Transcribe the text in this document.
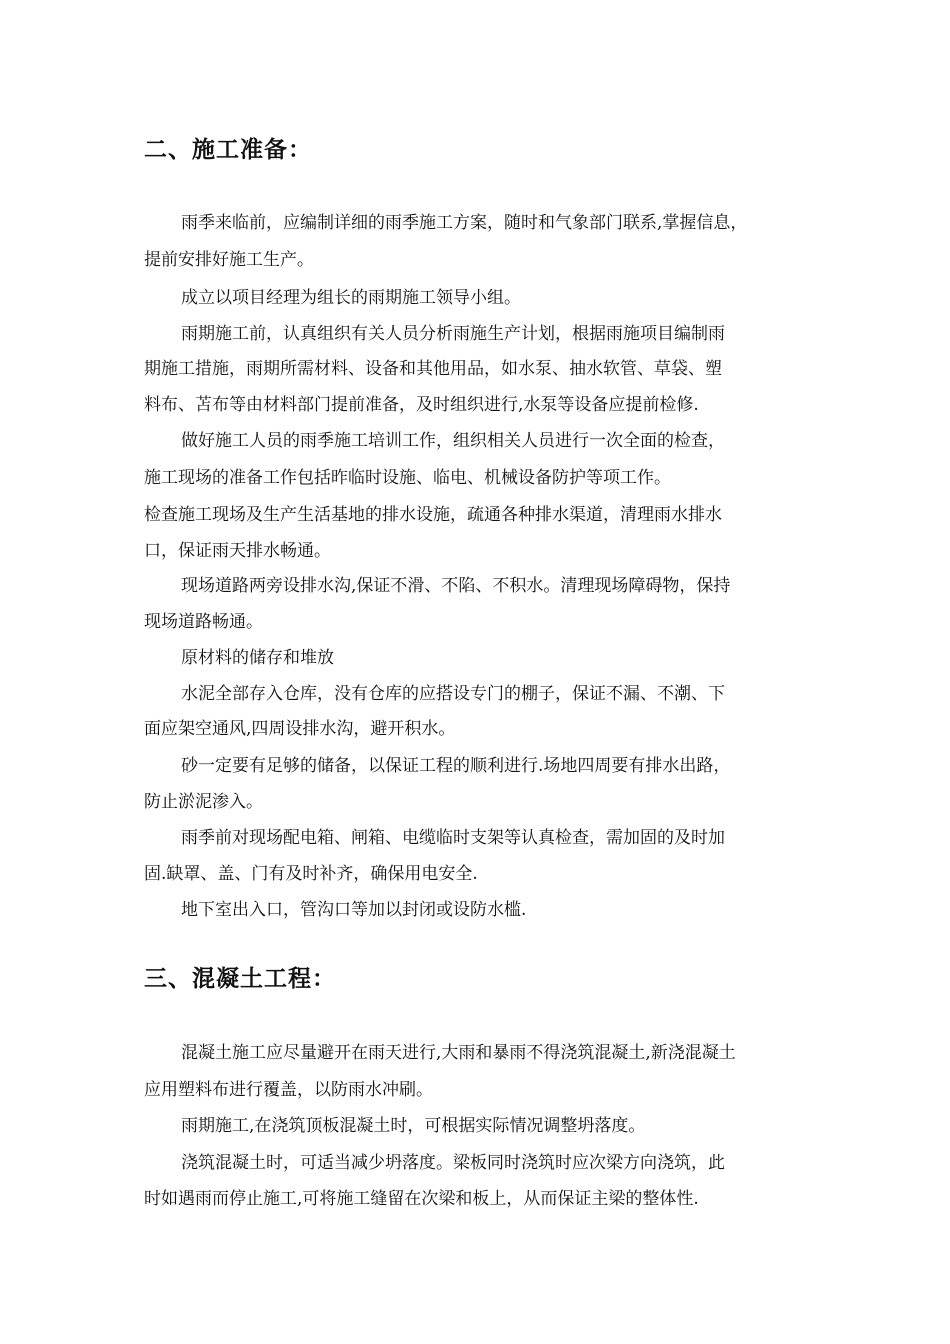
二、施工准备：
雨季来临前，应编制详细的雨季施工方案，随时和气象部门联系,掌握信息，
提前安排好施工生产。
成立以项目经理为组长的雨期施工领导小组。
雨期施工前，认真组织有关人员分析雨施生产计划，根据雨施项目编制雨
期施工措施，雨期所需材料、设备和其他用品，如水泵、抽水软管、草袋、塑
料布、苫布等由材料部门提前准备，及时组织进行,水泵等设备应提前检修.
做好施工人员的雨季施工培训工作，组织相关人员进行一次全面的检查，
施工现场的准备工作包括昨临时设施、临电、机械设备防护等项工作。
检查施工现场及生产生活基地的排水设施，疏通各种排水渠道，清理雨水排水
口，保证雨天排水畅通。
现场道路两旁设排水沟,保证不滑、不陷、不积水。清理现场障碍物，保持
现场道路畅通。
原材料的储存和堆放
水泥全部存入仓库，没有仓库的应搭设专门的棚子，保证不漏、不潮、下
面应架空通风,四周设排水沟，避开积水。
砂一定要有足够的储备，以保证工程的顺利进行.场地四周要有排水出路，
防止淤泥渗入。
雨季前对现场配电箱、闸箱、电缆临时支架等认真检查，需加固的及时加
固.缺罩、盖、门有及时补齐，确保用电安全.
地下室出入口，管沟口等加以封闭或设防水槛.
三、混凝土工程：
混凝土施工应尽量避开在雨天进行,大雨和暴雨不得浇筑混凝土,新浇混凝土
应用塑料布进行覆盖，以防雨水冲刷。
雨期施工,在浇筑顶板混凝土时，可根据实际情况调整坍落度。
浇筑混凝土时，可适当减少坍落度。梁板同时浇筑时应次梁方向浇筑，此
时如遇雨而停止施工,可将施工缝留在次梁和板上，从而保证主梁的整体性.
